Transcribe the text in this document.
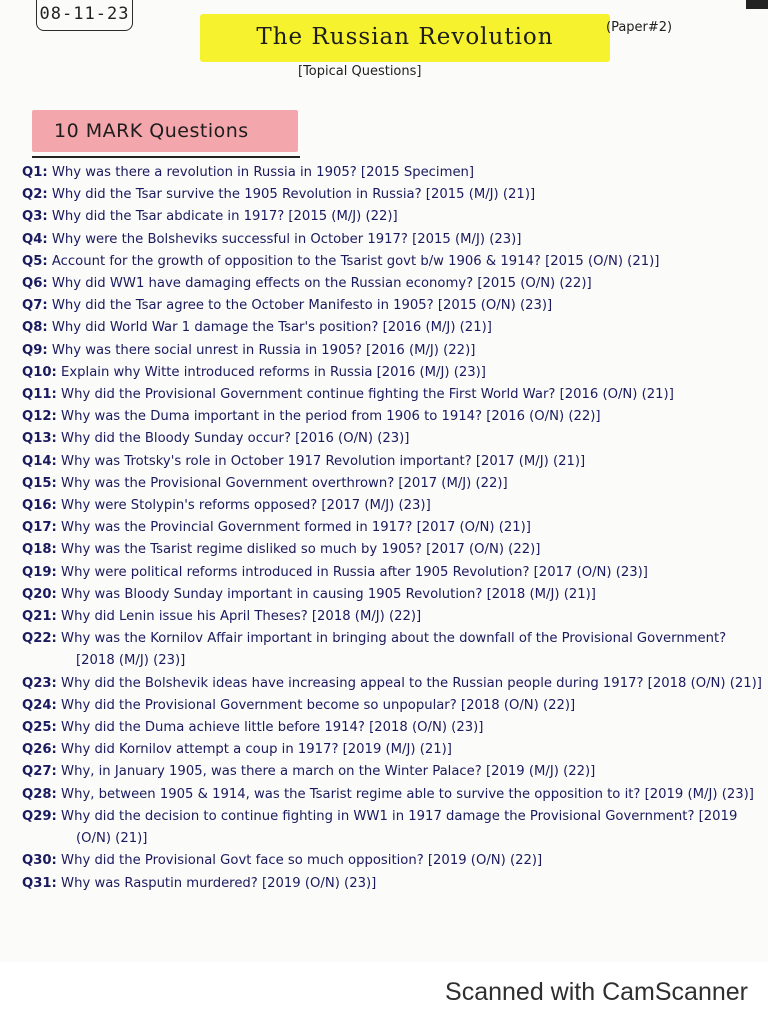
08-11-23
The Russian Revolution	(Paper#2)
[Topical Questions]
10 MARK Questions
Q1: Why was there a revolution in Russia in 1905? [2015 Specimen]
Q2: Why did the Tsar survive the 1905 Revolution in Russia? [2015 (M/J) (21)]
Q3: Why did the Tsar abdicate in 1917? [2015 (M/J) (22)]
Q4: Why were the Bolsheviks successful in October 1917? [2015 (M/J) (23)]
Q5: Account for the growth of opposition to the Tsarist govt b/w 1906 & 1914? [2015 (O/N) (21)]
Q6: Why did WW1 have damaging effects on the Russian economy? [2015 (O/N) (22)]
Q7: Why did the Tsar agree to the October Manifesto in 1905? [2015 (O/N) (23)]
Q8: Why did World War 1 damage the Tsar's position? [2016 (M/J) (21)]
Q9: Why was there social unrest in Russia in 1905? [2016 (M/J) (22)]
Q10: Explain why Witte introduced reforms in Russia [2016 (M/J) (23)]
Q11: Why did the Provisional Government continue fighting the First World War? [2016 (O/N) (21)]
Q12: Why was the Duma important in the period from 1906 to 1914? [2016 (O/N) (22)]
Q13: Why did the Bloody Sunday occur? [2016 (O/N) (23)]
Q14: Why was Trotsky's role in October 1917 Revolution important? [2017 (M/J) (21)]
Q15: Why was the Provisional Government overthrown? [2017 (M/J) (22)]
Q16: Why were Stolypin's reforms opposed? [2017 (M/J) (23)]
Q17: Why was the Provincial Government formed in 1917? [2017 (O/N) (21)]
Q18: Why was the Tsarist regime disliked so much by 1905? [2017 (O/N) (22)]
Q19: Why were political reforms introduced in Russia after 1905 Revolution? [2017 (O/N) (23)]
Q20: Why was Bloody Sunday important in causing 1905 Revolution? [2018 (M/J) (21)]
Q21: Why did Lenin issue his April Theses? [2018 (M/J) (22)]
Q22: Why was the Kornilov Affair important in bringing about the downfall of the Provisional Government? [2018 (M/J) (23)]
Q23: Why did the Bolshevik ideas have increasing appeal to the Russian people during 1917? [2018 (O/N) (21)]
Q24: Why did the Provisional Government become so unpopular? [2018 (O/N) (22)]
Q25: Why did the Duma achieve little before 1914? [2018 (O/N) (23)]
Q26: Why did Kornilov attempt a coup in 1917? [2019 (M/J) (21)]
Q27: Why, in January 1905, was there a march on the Winter Palace? [2019 (M/J) (22)]
Q28: Why, between 1905 & 1914, was the Tsarist regime able to survive the opposition to it? [2019 (M/J) (23)]
Q29: Why did the decision to continue fighting in WW1 in 1917 damage the Provisional Government? [2019 (O/N) (21)]
Q30: Why did the Provisional Govt face so much opposition? [2019 (O/N) (22)]
Q31: Why was Rasputin murdered? [2019 (O/N) (23)]
Scanned with CamScanner
